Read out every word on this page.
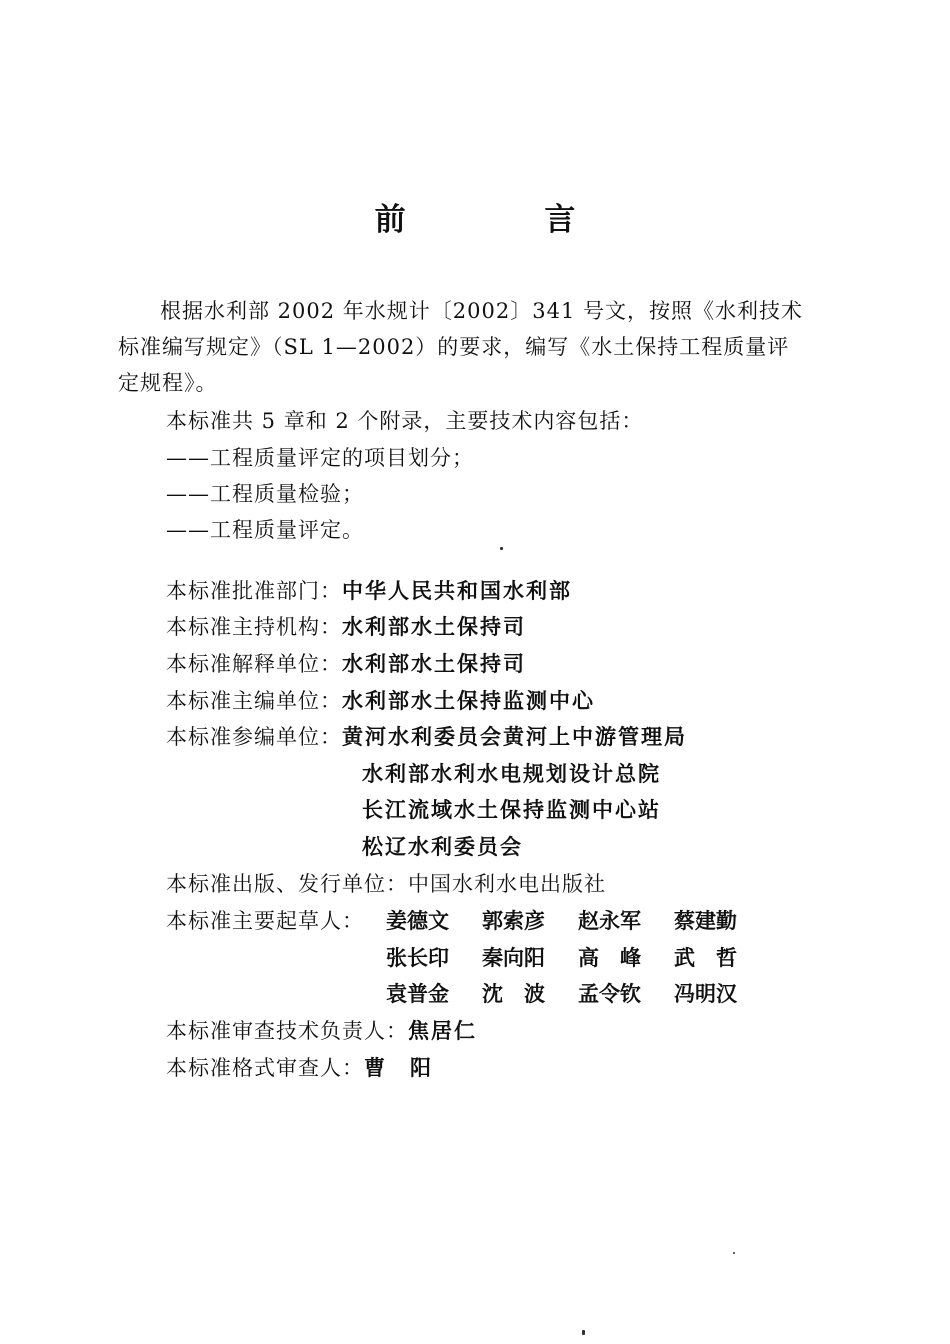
前 言

根据水利部 2002 年水规计〔2002〕341 号文，按照《水利技术标准编写规定》（SL 1—2002）的要求，编写《水土保持工程质量评定规程》。

本标准共 5 章和 2 个附录，主要技术内容包括：
——工程质量评定的项目划分；
——工程质量检验；
——工程质量评定。
本标准批准部门：中华人民共和国水利部
本标准主持机构：水利部水土保持司
本标准解释单位：水利部水土保持司
本标准主编单位：水利部水土保持监测中心
本标准参编单位：黄河水利委员会黄河上中游管理局
水利部水利水电规划设计总院
长江流域水土保持监测中心站
松辽水利委员会
本标准出版、发行单位：中国水利水电出版社
本标准主要起草人： 姜德文 郭索彦 赵永军 蔡建勤
张长印 秦向阳 高　峰 武　哲
袁普金 沈　波 孟令钦 冯明汉
本标准审查技术负责人：焦居仁
本标准格式审查人：曹　阳
